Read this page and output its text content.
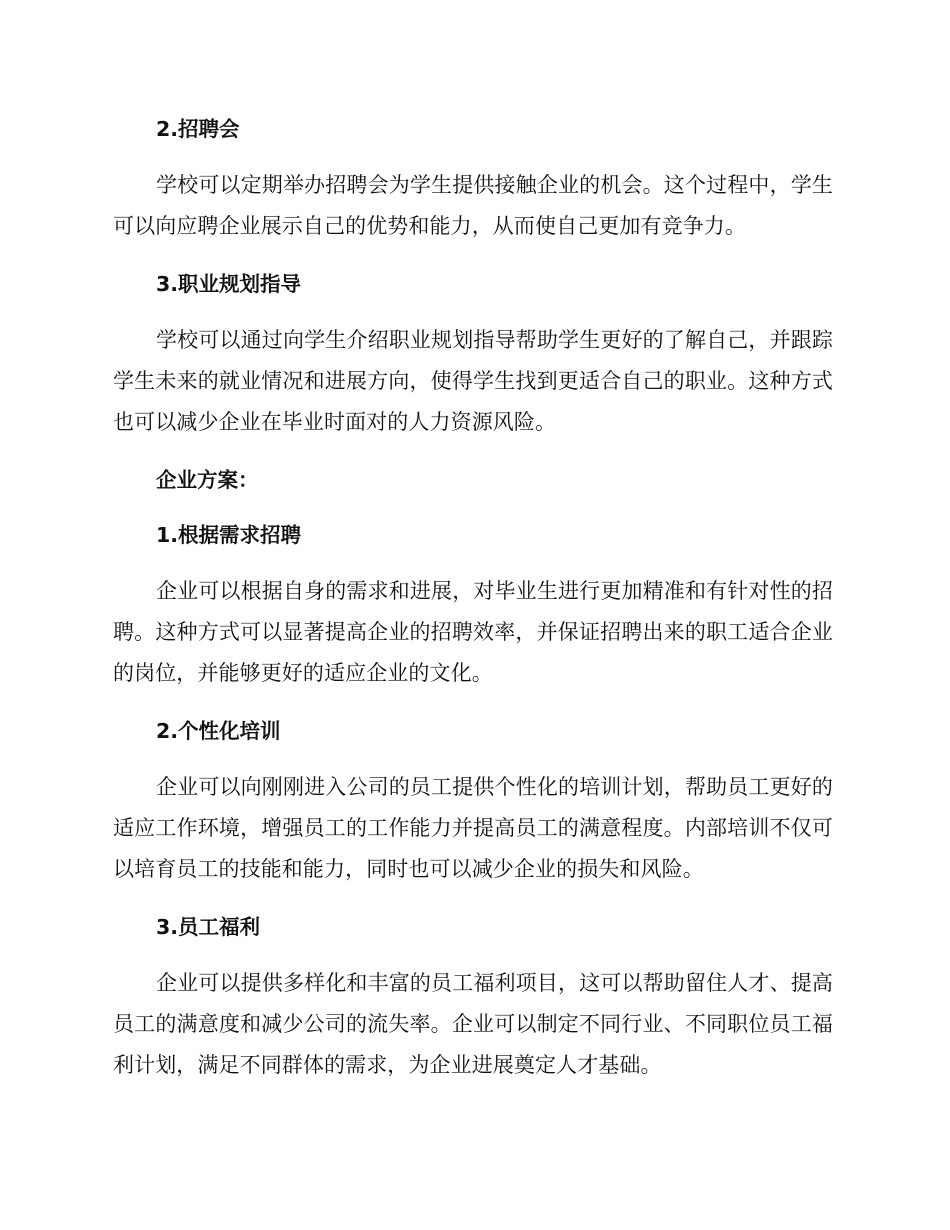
2.招聘会

学校可以定期举办招聘会为学生提供接触企业的机会。这个过程中，学生可以向应聘企业展示自己的优势和能力，从而使自己更加有竞争力。

3.职业规划指导

学校可以通过向学生介绍职业规划指导帮助学生更好的了解自己，并跟踪学生未来的就业情况和进展方向，使得学生找到更适合自己的职业。这种方式也可以减少企业在毕业时面对的人力资源风险。

企业方案：
1.根据需求招聘

企业可以根据自身的需求和进展，对毕业生进行更加精准和有针对性的招聘。这种方式可以显著提高企业的招聘效率，并保证招聘出来的职工适合企业的岗位，并能够更好的适应企业的文化。

2.个性化培训

企业可以向刚刚进入公司的员工提供个性化的培训计划，帮助员工更好的适应工作环境，增强员工的工作能力并提高员工的满意程度。内部培训不仅可以培育员工的技能和能力，同时也可以减少企业的损失和风险。

3.员工福利

企业可以提供多样化和丰富的员工福利项目，这可以帮助留住人才、提高员工的满意度和减少公司的流失率。企业可以制定不同行业、不同职位员工福利计划，满足不同群体的需求，为企业进展奠定人才基础。
